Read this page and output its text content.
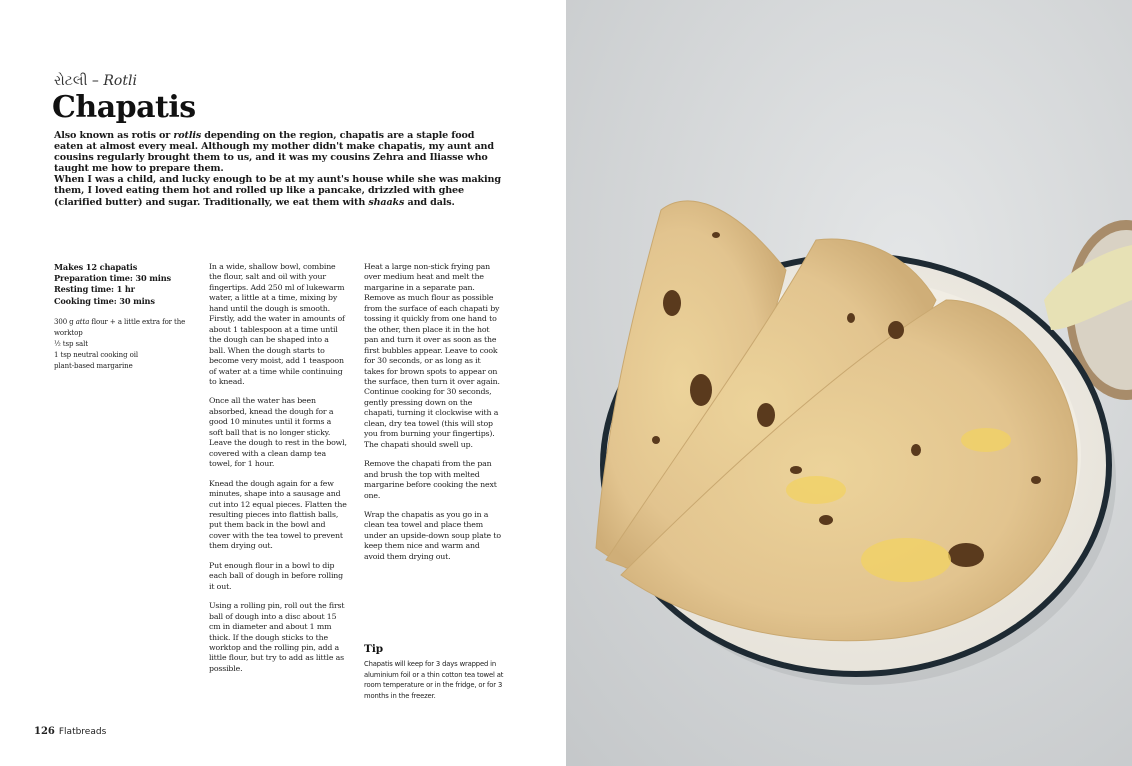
રોટલી – Rotli
Chapatis

Also known as rotis or rotlis depending on the region, chapatis are a staple food eaten at almost every meal. Although my mother didn't make chapatis, my aunt and cousins regularly brought them to us, and it was my cousins Zehra and Iliasse who taught me how to prepare them.

When I was a child, and lucky enough to be at my aunt's house while she was making them, I loved eating them hot and rolled up like a pancake, drizzled with ghee (clarified butter) and sugar. Traditionally, we eat them with shaaks and dals.

Makes 12 chapatis
Preparation time: 30 mins
Resting time: 1 hr
Cooking time: 30 mins
300 g atta flour + a little extra for the worktop
½ tsp salt
1 tsp neutral cooking oil
plant-based margarine

In a wide, shallow bowl, combine the flour, salt and oil with your fingertips. Add 250 ml of lukewarm water, a little at a time, mixing by hand until the dough is smooth. Firstly, add the water in amounts of about 1 tablespoon at a time until the dough can be shaped into a ball. When the dough starts to become very moist, add 1 teaspoon of water at a time while continuing to knead.

Once all the water has been absorbed, knead the dough for a good 10 minutes until it forms a soft ball that is no longer sticky. Leave the dough to rest in the bowl, covered with a clean damp tea towel, for 1 hour.

Knead the dough again for a few minutes, shape into a sausage and cut into 12 equal pieces. Flatten the resulting pieces into flattish balls, put them back in the bowl and cover with the tea towel to prevent them drying out.

Put enough flour in a bowl to dip each ball of dough in before rolling it out.

Using a rolling pin, roll out the first ball of dough into a disc about 15 cm in diameter and about 1 mm thick. If the dough sticks to the worktop and the rolling pin, add a little flour, but try to add as little as possible.

Heat a large non-stick frying pan over medium heat and melt the margarine in a separate pan. Remove as much flour as possible from the surface of each chapati by tossing it quickly from one hand to the other, then place it in the hot pan and turn it over as soon as the first bubbles appear. Leave to cook for 30 seconds, or as long as it takes for brown spots to appear on the surface, then turn it over again. Continue cooking for 30 seconds, gently pressing down on the chapati, turning it clockwise with a clean, dry tea towel (this will stop you from burning your fingertips). The chapati should swell up.

Remove the chapati from the pan and brush the top with melted margarine before cooking the next one.

Wrap the chapatis as you go in a clean tea towel and place them under an upside-down soup plate to keep them nice and warm and avoid them drying out.

Tip
Chapatis will keep for 3 days wrapped in aluminium foil or a thin cotton tea towel at room temperature or in the fridge, or for 3 months in the freezer.
126 Flatbreads
